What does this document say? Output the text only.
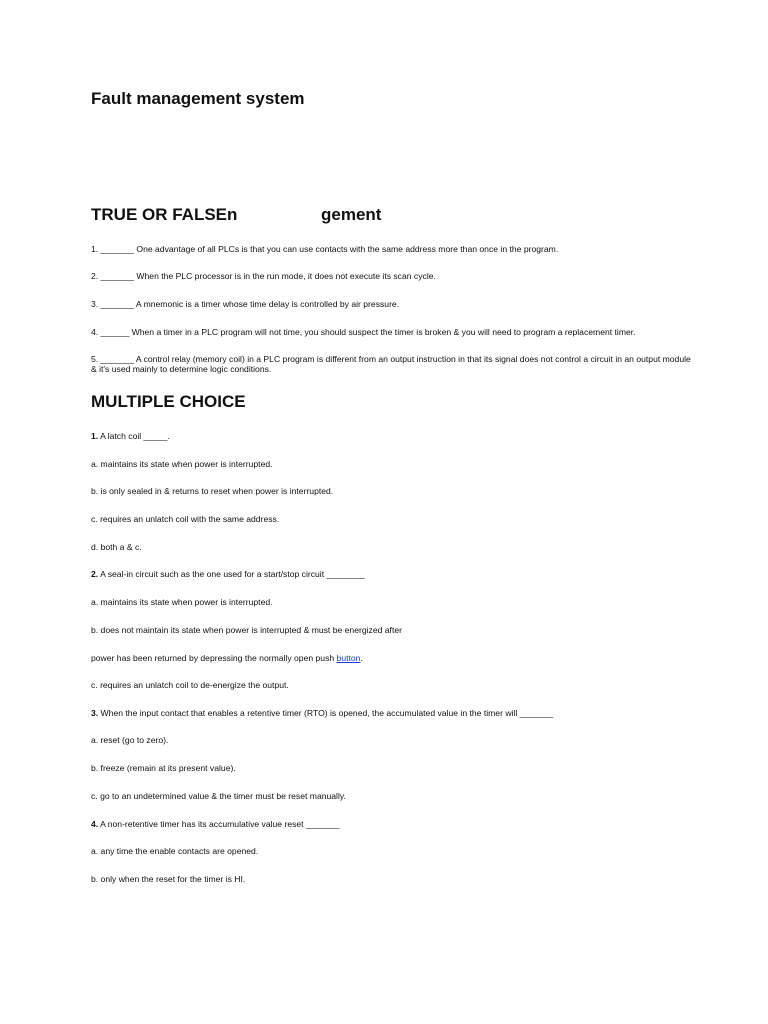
Fault management system
TRUE OR FALSEn	gement

1. _______ One advantage of all PLCs is that you can use contacts with the same address more than once in the program.

2. _______ When the PLC processor is in the run mode, it does not execute its scan cycle.

3. _______ A mnemonic is a timer whose time delay is controlled by air pressure.

4. ______ When a timer in a PLC program will not time, you should suspect the timer is broken & you will need to program a replacement timer.

5. _______ A control relay (memory coil) in a PLC program is different from an output instruction in that its signal does not control a circuit in an output module & it's used mainly to determine logic conditions.

MULTIPLE CHOICE

1. A latch coil _____.

a. maintains its state when power is interrupted.

b. is only sealed in & returns to reset when power is interrupted.

c. requires an unlatch coil with the same address.

d. both a & c.

2. A seal-in circuit such as the one used for a start/stop circuit ________

a. maintains its state when power is interrupted.

b. does not maintain its state when power is interrupted & must be energized after

power has been returned by depressing the normally open push button.

c. requires an unlatch coil to de-energize the output.

3. When the input contact that enables a retentive timer (RTO) is opened, the accumulated value in the timer will _______

a. reset (go to zero).

b. freeze (remain at its present value).

c. go to an undetermined value & the timer must be reset manually.

4. A non-retentive timer has its accumulative value reset _______

a. any time the enable contacts are opened.

b. only when the reset for the timer is HI.
